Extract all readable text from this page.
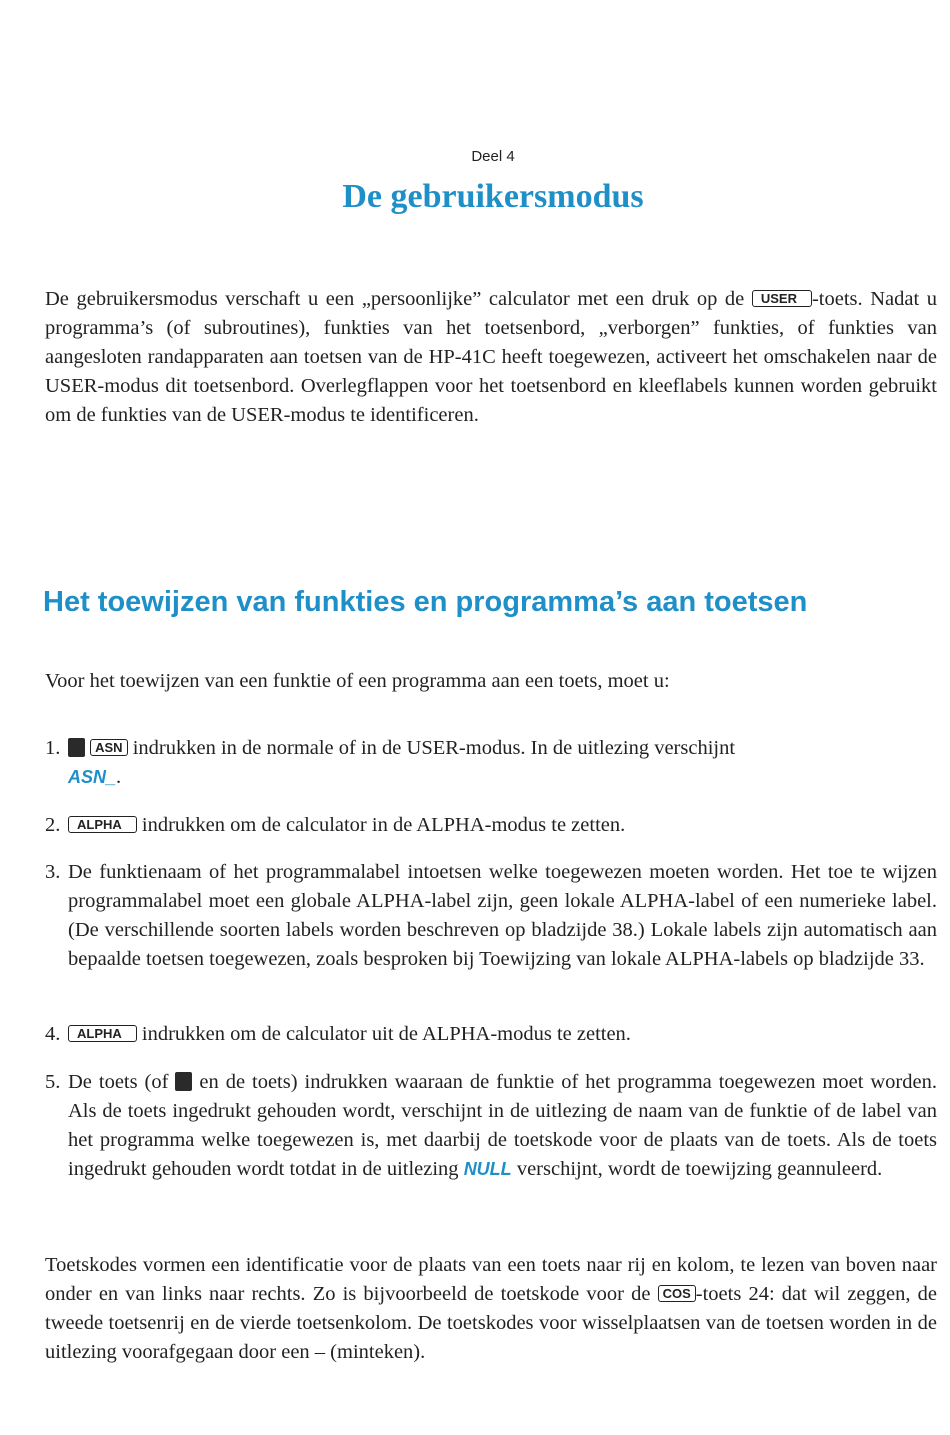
Deel 4
De gebruikersmodus
De gebruikersmodus verschaft u een „persoonlijke” calculator met een druk op de USER -toets. Nadat u programma’s (of subroutines), funkties van het toetsenbord, „verborgen” funkties, of funkties van aangesloten randapparaten aan toetsen van de HP-41C heeft toegewezen, activeert het omschakelen naar de USER-modus dit toetsenbord. Overlegflappen voor het toetsenbord en kleeflabels kunnen worden gebruikt om de funkties van de USER-modus te identificeren.
Het toewijzen van funkties en programma’s aan toetsen
Voor het toewijzen van een funktie of een programma aan een toets, moet u:
1.	ASN indrukken in de normale of in de USER-modus. In de uitlezing verschijnt
ASN_.
2.	ALPHA indrukken om de calculator in de ALPHA-modus te zetten.
3. De funktienaam of het programmalabel intoetsen welke toegewezen moeten worden. Het toe te wijzen programmalabel moet een globale ALPHA-label zijn, geen lokale ALPHA-label of een numerieke label. (De verschillende soorten labels worden beschreven op bladzijde 38.) Lokale labels zijn automatisch aan bepaalde toetsen toegewezen, zoals besproken bij Toewijzing van lokale ALPHA-labels op bladzijde 33.
4.	ALPHA indrukken om de calculator uit de ALPHA-modus te zetten.
5. De toets (of  en de toets) indrukken waaraan de funktie of het programma toegewezen moet worden. Als de toets ingedrukt gehouden wordt, verschijnt in de uitlezing de naam van de funktie of de label van het programma welke toegewezen is, met daarbij de toetskode voor de plaats van de toets. Als de toets ingedrukt gehouden wordt totdat in de uitlezing NULL verschijnt, wordt de toewijzing geannuleerd.
Toetskodes vormen een identificatie voor de plaats van een toets naar rij en kolom, te lezen van boven naar onder en van links naar rechts. Zo is bijvoorbeeld de toetskode voor de COS -toets 24: dat wil zeggen, de tweede toetsenrij en de vierde toetsenkolom. De toetskodes voor wisselplaatsen van de toetsen worden in de uitlezing voorafgegaan door een – (minteken).
